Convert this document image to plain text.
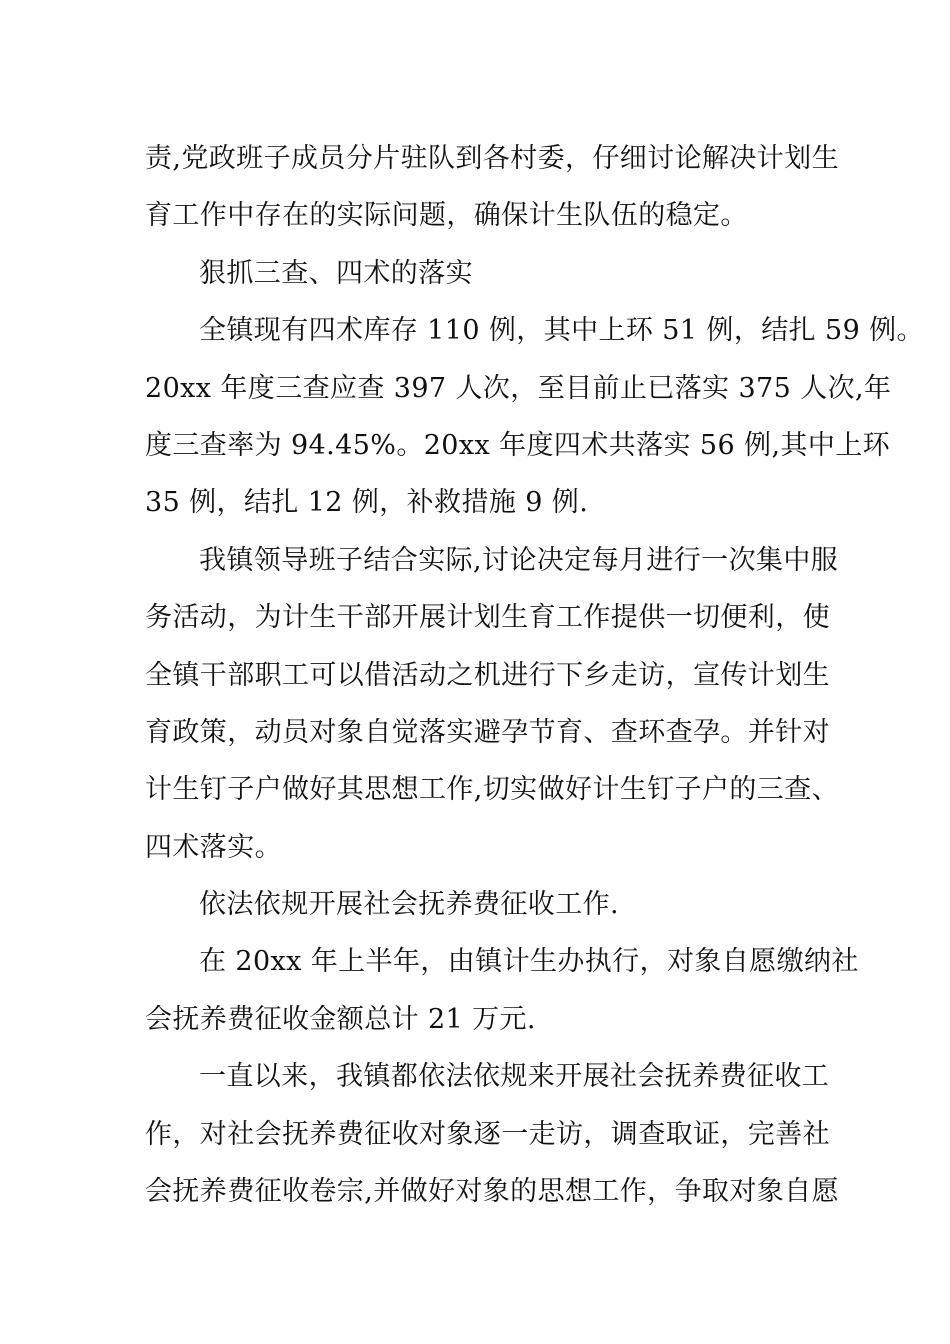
责,党政班子成员分片驻队到各村委，仔细讨论解决计划生
育工作中存在的实际问题，确保计生队伍的稳定。

狠抓三查、四术的落实

全镇现有四术库存 110 例，其中上环 51 例，结扎 59 例。
20xx 年度三查应查 397 人次，至目前止已落实 375 人次,年
度三查率为 94.45%。20xx 年度四术共落实 56 例,其中上环
35 例，结扎 12 例，补救措施 9 例.

我镇领导班子结合实际,讨论决定每月进行一次集中服
务活动，为计生干部开展计划生育工作提供一切便利，使
全镇干部职工可以借活动之机进行下乡走访，宣传计划生
育政策，动员对象自觉落实避孕节育、查环查孕。并针对
计生钉子户做好其思想工作,切实做好计生钉子户的三查、
四术落实。

依法依规开展社会抚养费征收工作.

在 20xx 年上半年，由镇计生办执行，对象自愿缴纳社
会抚养费征收金额总计 21 万元.

一直以来，我镇都依法依规来开展社会抚养费征收工
作，对社会抚养费征收对象逐一走访，调查取证，完善社
会抚养费征收卷宗,并做好对象的思想工作，争取对象自愿
